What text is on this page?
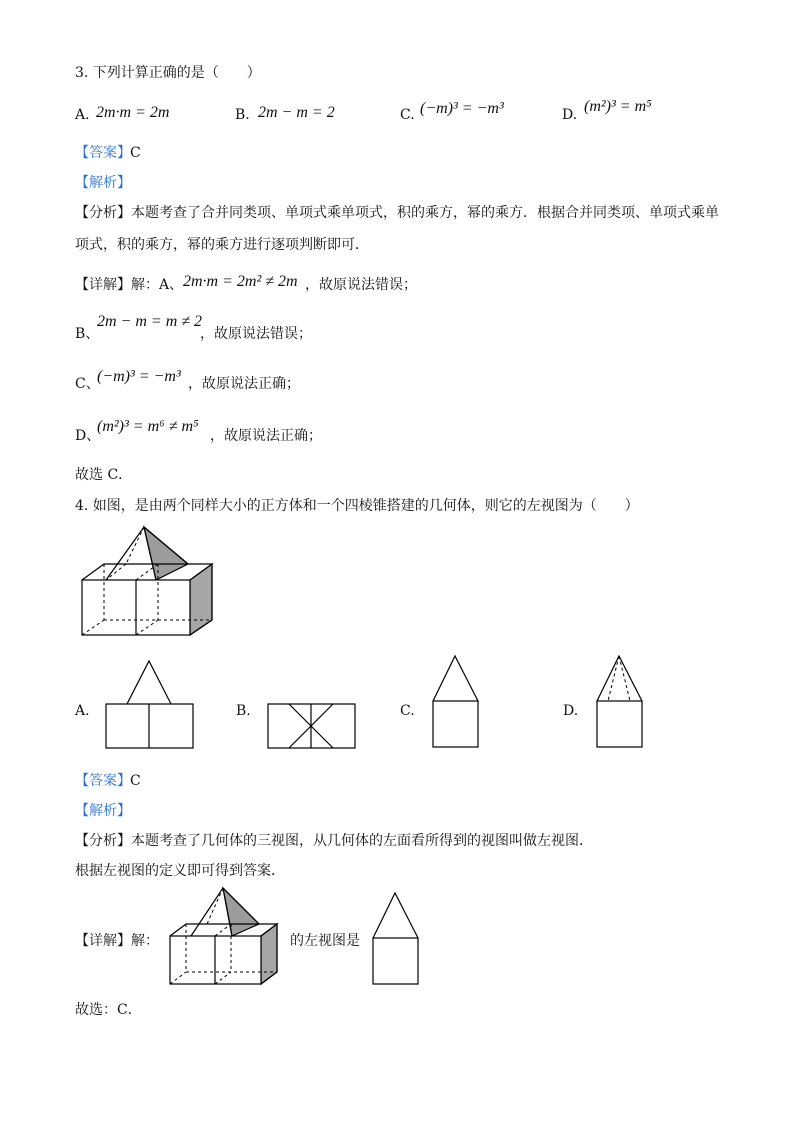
3. 下列计算正确的是（　　）
A. 2m·m = 2m	B. 2m − m = 2	C. (−m)³ = −m³	D. (m²)³ = m⁵
【答案】 C
【解析】
【分析】 本题考查了合并同类项、单项式乘单项式，积的乘方，幂的乘方．根据合并同类项、单项式乘单
项式，积的乘方，幂的乘方进行逐项判断即可．
【详解】 解：A、 2m·m = 2m² ≠ 2m ，故原说法错误；
B、
2m − m = m ≠ 2
，故原说法错误；
C、
(−m)³ = −m³ ，故原说法正确；
D、
(m²)³ = m⁶ ≠ m⁵
，故原说法正确；
故选 C．
4. 如图，是由两个同样大小的正方体和一个四棱锥搭建的几何体，则它的左视图为（　　）
A.	B.	C.	D.
【答案】 C
【解析】
【分析】 本题考查了几何体的三视图，从几何体的左面看所得到的视图叫做左视图．
根据左视图的定义即可得到答案．
【详解】 解：	的左视图是
故选：C．
